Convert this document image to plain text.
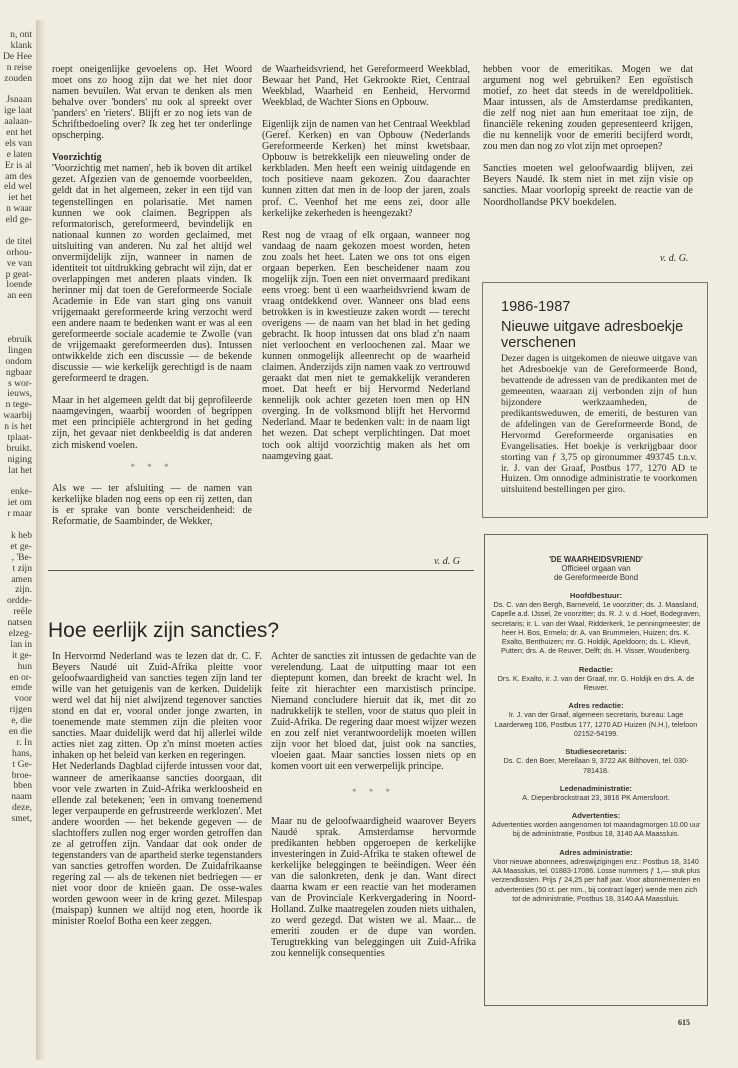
n, ont
klank
De Hee
n reise
zouden
Jsnaan
ige laat
aalaan-
ent het
els van
e laten
Er is al
am des
eld wel
iet het
n waar
eld ge-
de titel
orhou-
ve van
p geat-
loende
an een
ebruik
lingen
ondom
ngbaar
s wor-
ieuws,
n tege-
waarbij
n is het
tplaat-
bruikt.
niging
lat het
enke-
iet om
r maar
k heb
et ge-
, 'Be-
t zijn
amen
zijn.
ordde-
reële
natsen
elzeg-
lan in
it ge-
hun
en or-
emde
voor
rijgen
e, die
en die
r. In
hans,
t Ge-
broe-
bben
naam
deze,
smet,

roept oneigenlijke gevoelens op. Het Woord moet ons zo hoog zijn dat we het niet door namen bevuilen. Wat ervan te denken als men behalve over 'bonders' nu ook al spreekt over 'panders' en 'rieters'. Blijft er zo nog iets van de Schriftbedoeling over? Ik zeg het ter onderlinge opscherping.

Voorzichtig

'Voorzichtig met namen', heb ik boven dit artikel gezet. Afgezien van de genoemde voorbeelden, geldt dat in het algemeen, zeker in een tijd van tegenstellingen en polarisatie. Met namen kunnen we ook claimen. Begrippen als reformatorisch, gereformeerd, bevindelijk en nationaal kunnen zo worden geclaimed, met uitsluiting van anderen. Nu zal het altijd wel onvermijdelijk zijn, wanneer in namen de identiteit tot uitdrukking gebracht wil zijn, dat er overlappingen met anderen plaats vinden. Ik herinner mij dat toen de Gereformeerde Sociale Academie in Ede van start ging ons vanuit vrijgemaakt gereformeerde kring verzocht werd een andere naam te bedenken want er was al een gereformeerde sociale academie te Zwolle (van de vrijgemaakt gereformeerden dus). Intussen ontwikkelde zich een discussie — de bekende discussie — wie kerkelijk gerechtigd is de naam gereformeerd te dragen.

Maar in het algemeen geldt dat bij geprofileerde naamgevingen, waarbij woorden of begrippen met een principiële achtergrond in het geding zijn, het gevaar niet denkbeeldig is dat anderen zich miskend voelen.

* * *

Als we — ter afsluiting — de namen van kerkelijke bladen nog eens op een rij zetten, dan is er sprake van bonte verscheidenheid: de Reformatie, de Saambinder, de Wekker,

de Waarheidsvriend, het Gereformeerd Weekblad, Bewaar het Pand, Het Gekrookte Riet, Centraal Weekblad, Waarheid en Eenheid, Hervormd Weekblad, de Wachter Sions en Opbouw.

Eigenlijk zijn de namen van het Centraal Weekblad (Geref. Kerken) en van Opbouw (Nederlands Gereformeerde Kerken) het minst kwetsbaar. Opbouw is betrekkelijk een nieuweling onder de kerkbladen. Men heeft een weinig uitdagende en toch positieve naam gekozen. Zou daarachter kunnen zitten dat men in de loop der jaren, zoals prof. C. Veenhof het me eens zei, door alle kerkelijke zekerheden is heengezakt?

Rest nog de vraag of elk orgaan, wanneer nog vandaag de naam gekozen moest worden, heten zou zoals het heet. Laten we ons tot ons eigen orgaan beperken. Een bescheidener naam zou mogelijk zijn. Toen een niet onvermaard predikant eens vroeg: bent ú een waarheidsvriend kwam de vraag ontdekkend over. Wanneer ons blad eens betrokken is in kwestieuze zaken wordt — terecht overigens — de naam van het blad in het geding gebracht. Ik hoop intussen dat ons blad z'n naam niet verloochent en verloochenen zal. Maar we kunnen onmogelijk alleenrecht op de waarheid claimen. Anderzijds zijn namen vaak zo vertrouwd geraakt dat men niet te gemakkelijk veranderen moet. Dat heeft er bij Hervormd Nederland kennelijk ook achter gezeten toen men op HN overging. In de volksmond blijft het Hervormd Nederland. Maar te bedenken valt: in de naam ligt het wezen. Dat schept verplichtingen. Dat moet toch ook altijd voorzichtig maken als het om naamgeving gaat.

v. d. G

hebben voor de emeritikas. Mogen we dat argument nog wel gebruiken? Een egoïstisch motief, zo heet dat steeds in de wereldpolitiek. Maar intussen, als de Amsterdamse predikanten, die zelf nog niet aan hun emeritaat toe zijn, de financiële rekening zouden gepresenteerd krijgen, die nu kennelijk voor de emeriti becijferd wordt, zou men dan nog zo vlot zijn met oproepen?

Sancties moeten wel geloofwaardig blijven, zei Beyers Naudé. Ik stem niet in met zijn visie op sancties. Maar voorlopig spreekt de reactie van de Noordhollandse PKV boekdelen.

v. d. G.
1986-1987
Nieuwe uitgave adresboekje verschenen
Dezer dagen is uitgekomen de nieuwe uitgave van het Adresboekje van de Gereformeerde Bond, bevattende de adressen van de predikanten met de gemeenten, waaraan zij verbonden zijn of hun bijzondere werkzaamheden, de predikantsweduwen, de emeriti, de besturen van de afdelingen van de Gereformeerde Bond, de Hervormd Gereformeerde organisaties en Evangelisaties. Het boekje is verkrijgbaar door storting van ƒ 3,75 op gironummer 493745 t.n.v. ir. J. van der Graaf, Postbus 177, 1270 AD te Huizen. Om onnodige administratie te voorkomen uitsluitend bestellingen per giro.
'DE WAARHEIDSVRIEND'
Officieel orgaan van
de Gereformeerde Bond
Hoofdbestuur:
Ds. C. van den Bergh, Barneveld, 1e voorzitter; ds. J. Maasland, Capelle a.d. IJssel, 2e voorzitter; ds. R. J. v. d. Hoef, Bodegraven, secretaris; ir. L. van der Waal, Ridderkerk, 1e penningmeester; de heer H. Bos, Ermelo; dr. A. van Brummelen, Huizen; drs. K. Exalto, Benthuizen; mr. G. Holdijk, Apeldoorn; ds. L. Klievit, Putten; drs. A. de Reuver, Delft; ds. H. Visser, Woudenberg.
Redactie:
Drs. K. Exalto, ir. J. van der Graaf, mr. G. Holdijk en drs. A. de Reuver.
Adres redactie:
Ir. J. van der Graaf, algemeen secretaris, bureau: Lage Laarderweg 106, Postbus 177, 1270 AD Huizen (N.H.), telefoon 02152-54199.
Studiesecretaris:
Ds. C. den Boer, Merellaan 9, 3722 AK Bilthoven, tel. 030-781418.
Ledenadministratie:
A. Diepenbrockstraat 23, 3816 PK Amersfoort.
Advertenties:
Advertenties worden aangenomen tot maandagmorgen 10.00 uur bij de administratie, Postbus 18, 3140 AA Maassluis.
Adres administratie:
Voor nieuwe abonnees, adreswijzigingen enz.: Postbus 18, 3140 AA Maassluis, tel. 01883-17086. Losse nummers ƒ 1,— stuk plus verzendkosten. Prijs ƒ 24,25 per half jaar. Voor abonnementen en advertenties (50 ct. per mm., bij contract lager) wende men zich tot de administratie, Postbus 18, 3140 AA Maassluis.
Hoe eerlijk zijn sancties?

In Hervormd Nederland was te lezen dat dr. C. F. Beyers Naudé uit Zuid-Afrika pleitte voor geloofwaardigheid van sancties tegen zijn land ter wille van het getuigenis van de kerken. Duidelijk werd wel dat hij niet alwijzend tegenover sancties stond en dat er, vooral onder jonge zwarten, in toenemende mate stemmen zijn die pleiten voor sancties. Maar duidelijk werd dat hij allerlei wilde acties niet zag zitten. Op z'n minst moeten acties inhaken op het beleid van kerken en regeringen.

Het Nederlands Dagblad cijferde intussen voor dat, wanneer de amerikaanse sancties doorgaan, dit voor vele zwarten in Zuid-Afrika werkloosheid en ellende zal betekenen; 'een in omvang toenemend leger verpauperde en gefrustreerde werklozen'. Met andere woorden — het bekende gegeven — de slachtoffers zullen nog erger worden getroffen dan ze al getroffen zijn. Vandaar dat ook onder de tegenstanders van de apartheid sterke tegenstanders van sancties getroffen worden. De Zuidafrikaanse regering zal — als de tekenen niet bedriegen — er niet voor door de knieën gaan. De osse-wales worden gewoon weer in de kring gezet. Milespap (maispap) kunnen we altijd nog eten, hoorde ik minister Roelof Botha een keer zeggen.

Achter de sancties zit intussen de gedachte van de verelendung. Laat de uitputting maar tot een dieptepunt komen, dan breekt de kracht wel. In feite zit hierachter een marxistisch principe. Niemand concludere hieruit dat ik, met dit zo nadrukkelijk te stellen, voor de status quo pleit in Zuid-Afrika. De regering daar moest wijzer wezen en zou zelf niet verantwoordelijk moeten willen zijn voor het bloed dat, juist ook na sancties, vloeien gaat. Maar sancties lossen niets op en komen voort uit een verwerpelijk principe.

* * *

Maar nu de geloofwaardigheid waarover Beyers Naudé sprak. Amsterdamse hervormde predikanten hebben opgeroepen de kerkelijke investeringen in Zuid-Afrika te staken oftewel de kerkelijke beleggingen te beëindigen. Weer één van die salonkreten, denk je dan. Want direct daarna kwam er een reactie van het moderamen van de Provinciale Kerkvergadering in Noord-Holland. Zulke maatregelen zouden niets uithalen, zo werd gezegd. Dat wisten we al. Maar... de emeriti zouden er de dupe van worden. Terugtrekking van beleggingen uit Zuid-Afrika zou kennelijk consequenties

615
